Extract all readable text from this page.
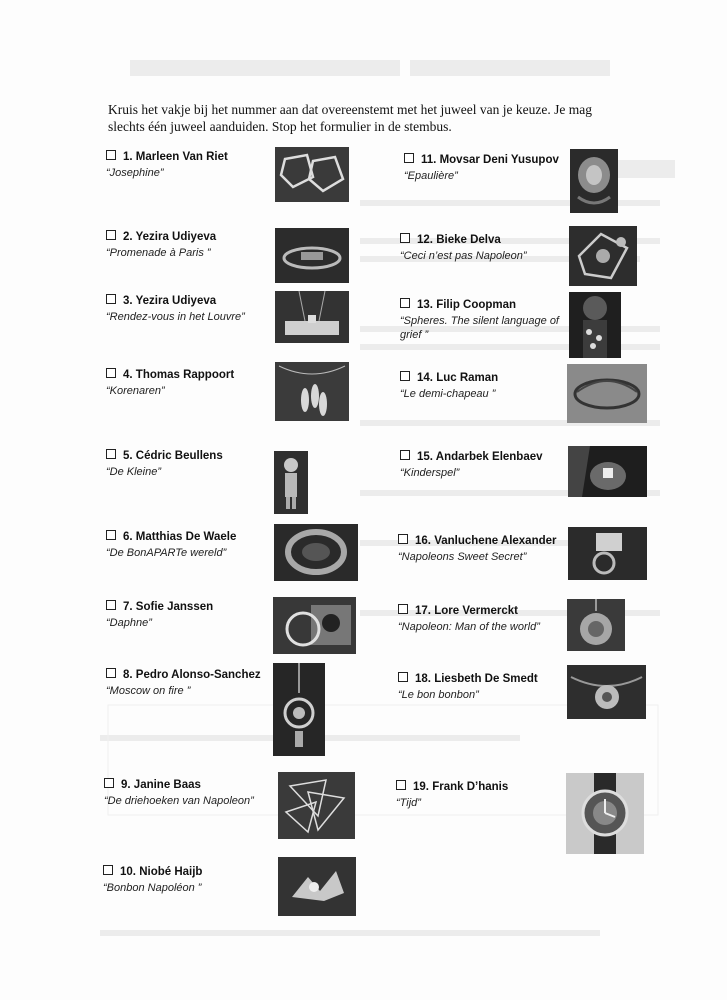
Kruis het vakje bij het nummer aan dat overeenstemt met het juweel van je keuze. Je mag slechts één juweel aanduiden. Stop het formulier in de stembus.
1. Marleen Van Riet
“Josephine”
2. Yezira Udiyeva
“Promenade à Paris ”
3. Yezira Udiyeva
“Rendez-vous in het Louvre”
4. Thomas Rappoort
“Korenaren”
5. Cédric Beullens
“De Kleine”
6. Matthias De Waele
“De BonAPARTe wereld”
7. Sofie Janssen
“Daphne”
8. Pedro Alonso-Sanchez
“Moscow on fire ”
9. Janine Baas
“De driehoeken van Napoleon”
10. Niobé Haijb
“Bonbon Napoléon ”
11. Movsar Deni Yusupov
“Epaulière”
12. Bieke Delva
“Ceci n’est pas Napoleon”
13. Filip Coopman
“Spheres. The silent language of grief ”
14. Luc Raman
“Le demi-chapeau ”
15. Andarbek Elenbaev
“Kinderspel”
16. Vanluchene Alexander
“Napoleons Sweet Secret”
17. Lore Vermerckt
“Napoleon: Man of the world”
18. Liesbeth De Smedt
“Le bon bonbon”
19. Frank D’hanis
“Tijd”
